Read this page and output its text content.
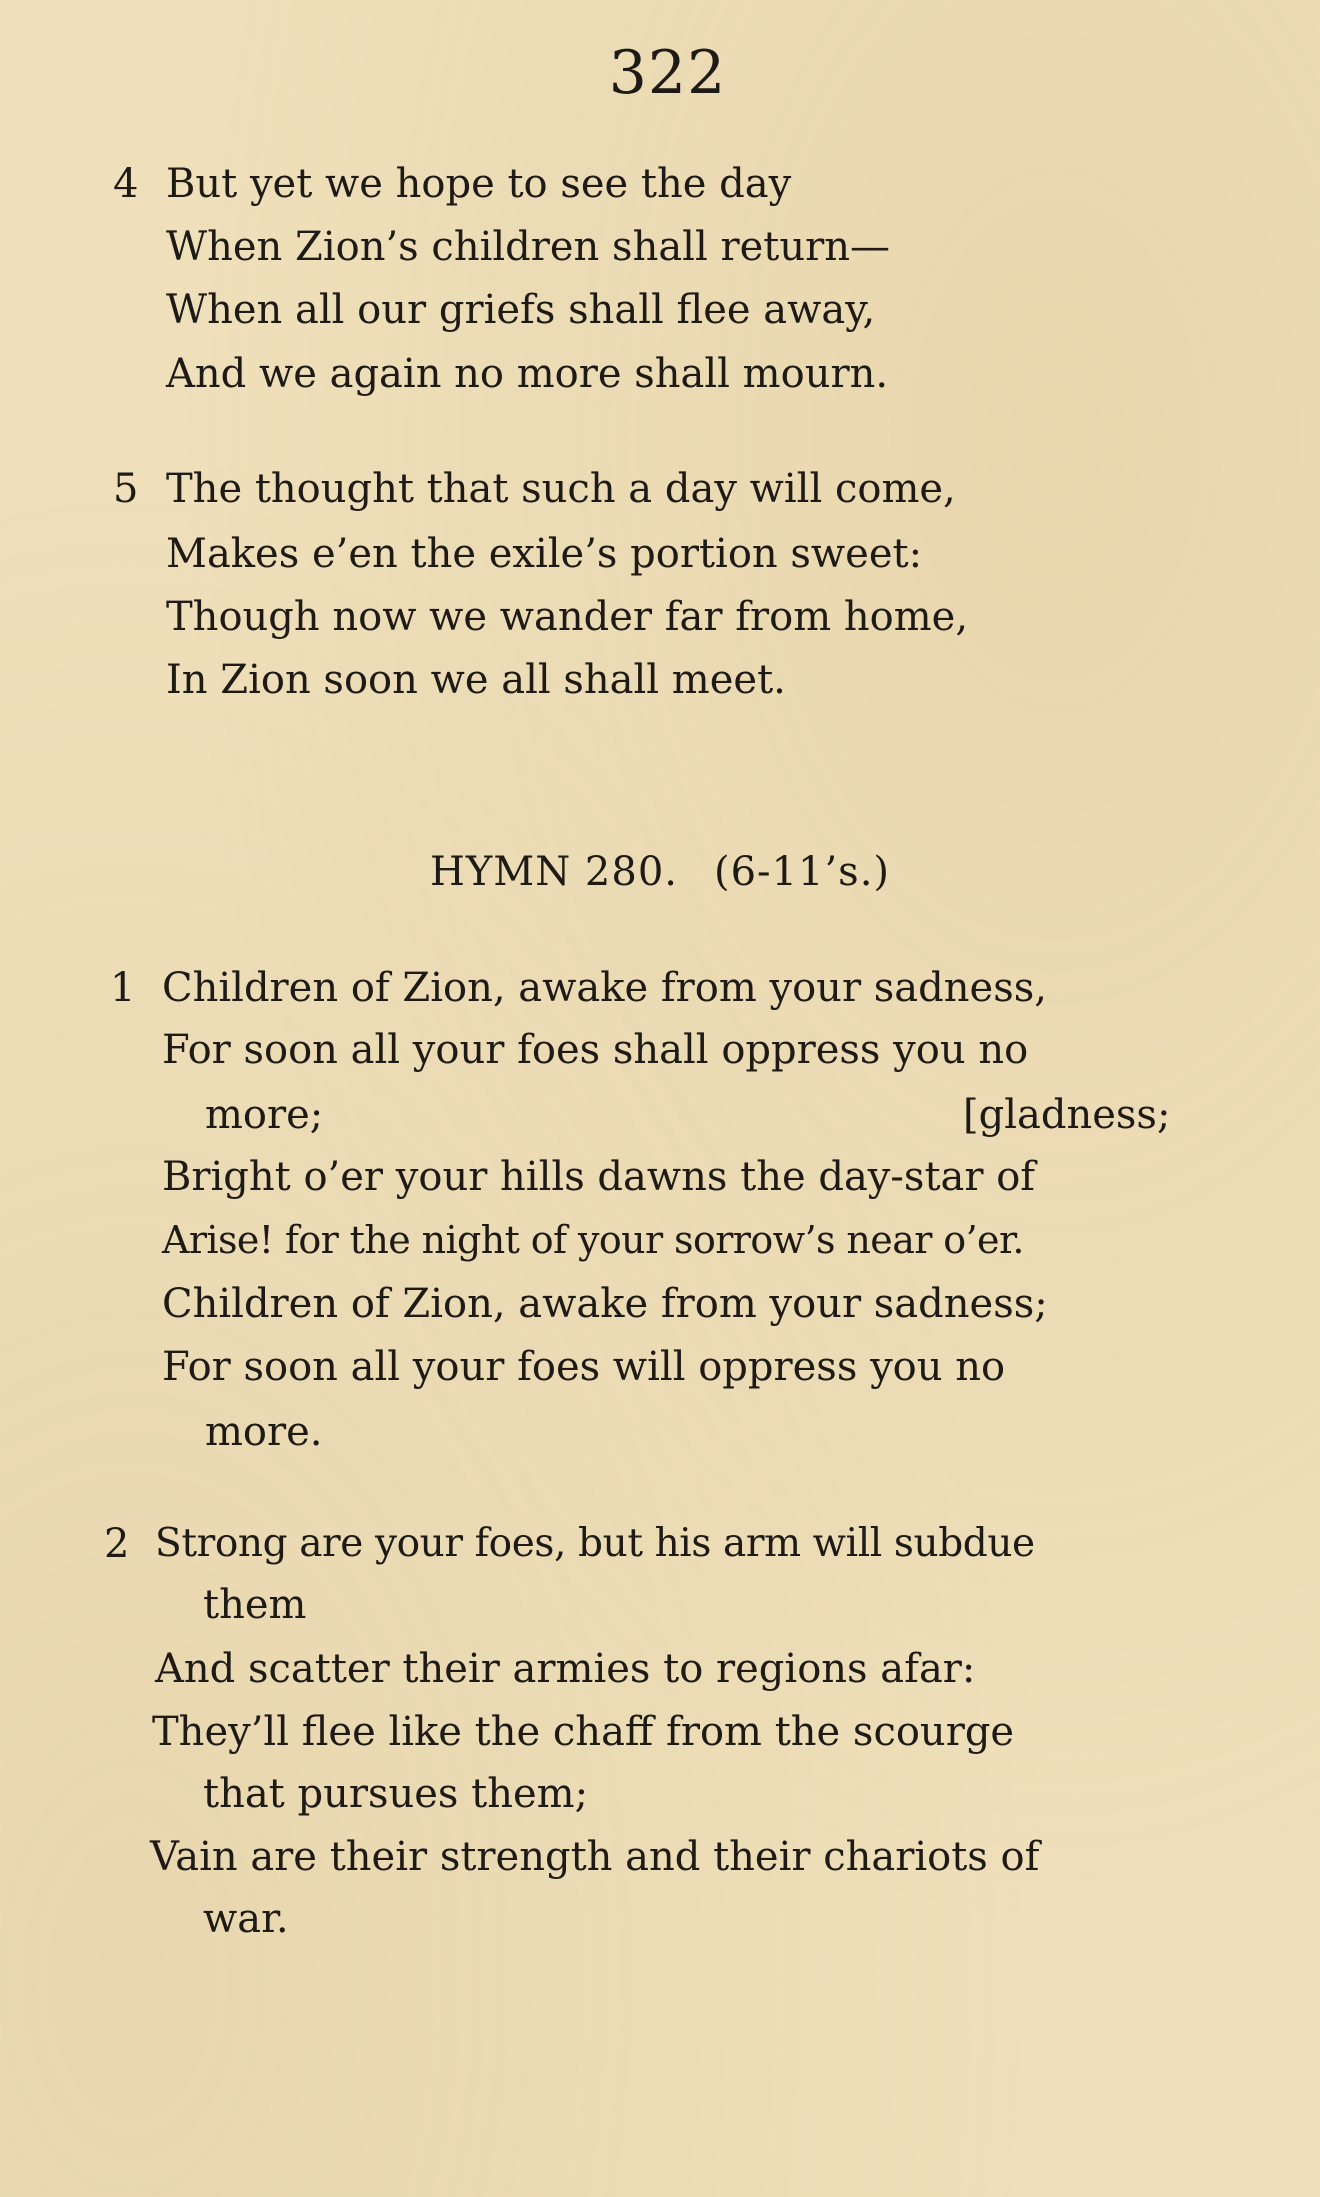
322
4 But yet we hope to see the day
When Zion’s children shall return—
When all our griefs shall flee away,
And we again no more shall mourn.
5 The thought that such a day will come,
Makes e’en the exile’s portion sweet:
Though now we wander far from home,
In Zion soon we all shall meet.
HYMN 280. (6-11’s.)
1 Children of Zion, awake from your sadness,
For soon all your foes shall oppress you no
more;	[gladness;
Bright o’er your hills dawns the day-star of
Arise! for the night of your sorrow’s near o’er.
Children of Zion, awake from your sadness;
For soon all your foes will oppress you no
more.
2 Strong are your foes, but his arm will subdue
them
And scatter their armies to regions afar:
They’ll flee like the chaff from the scourge
that pursues them;
Vain are their strength and their chariots of
war.
